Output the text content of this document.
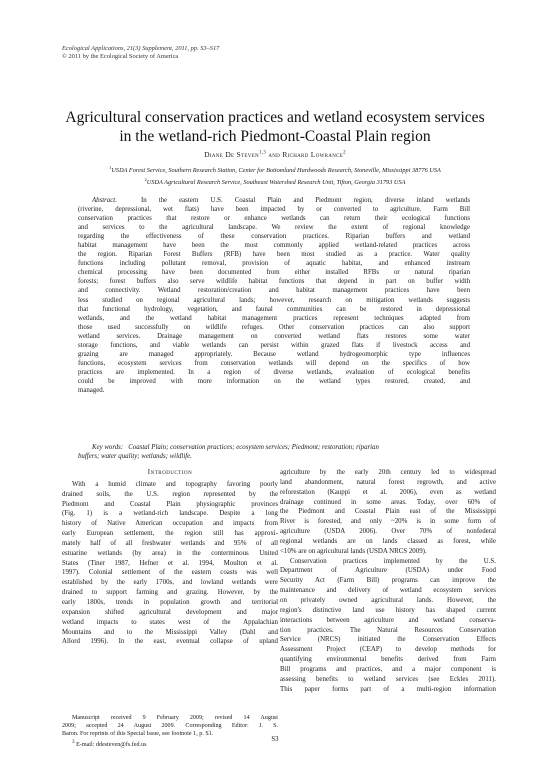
Ecological Applications, 21(3) Supplement, 2011, pp. S3–S17
© 2011 by the Ecological Society of America
Agricultural conservation practices and wetland ecosystem services
in the wetland-rich Piedmont-Coastal Plain region
Diane De Steven$^{1,3}$ and Richard Lowrance$^2$
$^1$USDA Forest Service, Southern Research Station, Center for Bottomland Hardwoods Research, Stoneville, Mississippi 38776 USA
$^2$USDA Agricultural Research Service, Southeast Watershed Research Unit, Tifton, Georgia 31793 USA
Abstract.	In the eastern U.S. Coastal Plain and Piedmont region, diverse inland wetlands
(riverine, depressional, wet flats) have been impacted by or converted to agriculture. Farm Bill
conservation practices that restore or enhance wetlands can return their ecological functions
and services to the agricultural landscape. We review the extent of regional knowledge
regarding the effectiveness of these conservation practices. Riparian buffers and wetland
habitat management have been the most commonly applied wetland-related practices across
the region. Riparian Forest Buffers (RFB) have been most studied as a practice. Water quality
functions including pollutant removal, provision of aquatic habitat, and enhanced instream
chemical processing have been documented from either installed RFBs or natural riparian
forests; forest buffers also serve wildlife habitat functions that depend in part on buffer width
and connectivity. Wetland restoration/creation and habitat management practices have been
less studied on regional agricultural lands; however, research on mitigation wetlands suggests
that functional hydrology, vegetation, and faunal communities can be restored in depressional
wetlands, and the wetland habitat management practices represent techniques adapted from
those used successfully on wildlife refuges. Other conservation practices can also support
wetland services. Drainage management on converted wetland flats restores some water
storage functions, and viable wetlands can persist within grazed flats if livestock access and
grazing are managed appropriately. Because wetland hydrogeomorphic type influences
functions, ecosystem services from conservation wetlands will depend on the specifics of how
practices are implemented. In a region of diverse wetlands, evaluation of ecological benefits
could be improved with more information on the wetland types restored, created, and
managed.
Key words: Coastal Plain; conservation practices; ecosystem services; Piedmont; restoration; riparian
buffers; water quality; wetlands; wildlife.
Introduction
With a humid climate and topography favoring poorly
drained soils, the U.S. region represented by the
Piedmont and Coastal Plain physiographic provinces
(Fig. 1) is a wetland-rich landscape. Despite a long
history of Native American occupation and impacts from
early European settlement, the region still has approxi-
mately half of all freshwater wetlands and 95% of all
estuarine wetlands (by area) in the conterminous United
States (Tiner 1987, Hefner et al. 1994, Moulton et al.
1997). Colonial settlement of the eastern coasts was well
established by the early 1700s, and lowland wetlands were
drained to support farming and grazing. However, by the
early 1800s, trends in population growth and territorial
expansion shifted agricultural development and major
wetland impacts to states west of the Appalachian
Mountains and to the Mississippi Valley (Dahl and
Allord 1996). In the east, eventual collapse of upland
agriculture by the early 20th century led to widespread
land abandonment, natural forest regrowth, and active
reforestation (Kauppi et al. 2006), even as wetland
drainage continued in some areas. Today, over 60% of
the Piedmont and Coastal Plain east of the Mississippi
River is forested, and only ~20% is in some form of
agriculture (USDA 2006). Over 70% of nonfederal
regional wetlands are on lands classed as forest, while
<10% are on agricultural lands (USDA NRCS 2009).
Conservation practices implemented by the U.S.
Department of Agriculture (USDA) under Food
Security Act (Farm Bill) programs can improve the
maintenance and delivery of wetland ecosystem services
on privately owned agricultural lands. However, the
region's distinctive land use history has shaped current
interactions between agriculture and wetland conserva-
tion practices. The Natural Resources Conservation
Service (NRCS) initiated the Conservation Effects
Assessment Project (CEAP) to develop methods for
quantifying environmental benefits derived from Farm
Bill programs and practices, and a major component is
assessing benefits to wetland services (see Eckles 2011).
This paper forms part of a multi-region information
Manuscript received 9 February 2009; revised 14 August
2009; accepted 24 August 2009. Corresponding Editor: J. S.
Baron. For reprints of this Special Issue, see footnote 1, p. S1.
$^3$ E-mail: ddesteven@fs.fed.us
S3
